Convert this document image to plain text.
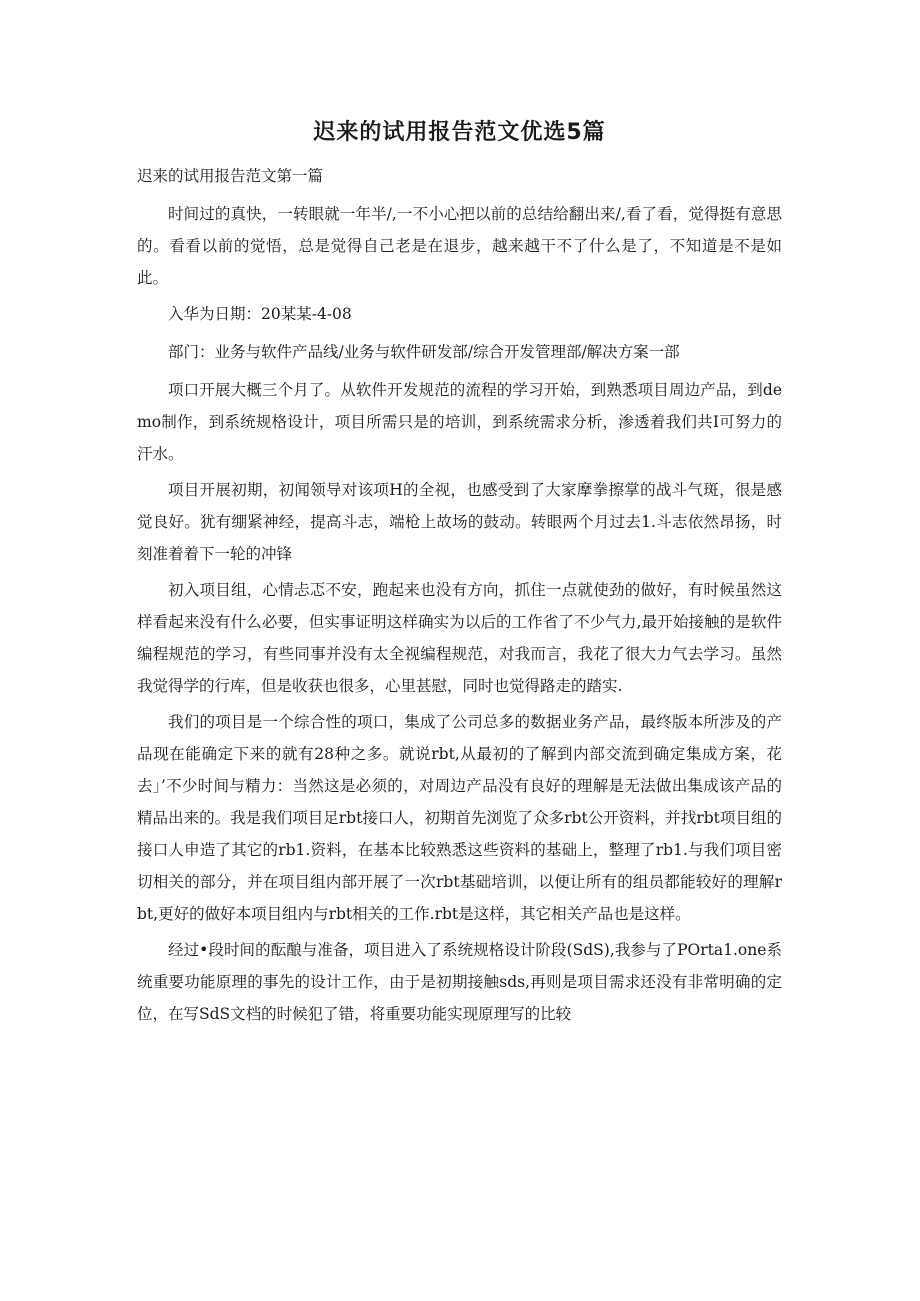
迟来的试用报告范文优选5篇
迟来的试用报告范文第一篇

时间过的真快，一转眼就一年半/,一不小心把以前的总结给翻出来/,看了看，觉得挺有意思的。看看以前的觉悟，总是觉得自己老是在退步，越来越干不了什么是了，不知道是不是如此。

入华为日期：20某某-4-08

部门：业务与软件产品线/业务与软件研发部/综合开发管理部/解决方案一部

项口开展大概三个月了。从软件开发规范的流程的学习开始，到熟悉项目周边产品，到demo制作，到系统规格设计，项目所需只是的培训，到系统需求分析，渗透着我们共I可努力的汗水。

项目开展初期，初闻领导对该项H的全视，也感受到了大家摩拳擦掌的战斗气斑，很是感觉良好。犹有绷紧神经，提高斗志，端枪上故场的鼓动。转眼两个月过去1.斗志依然昂扬，时刻准着着下一轮的冲锋

初入项目组，心情忐忑不安，跑起来也没有方向，抓住一点就使劲的做好，有时候虽然这样看起来没有什么必要，但实事证明这样确实为以后的工作省了不少气力,最开始接触的是软件编程规范的学习，有些同事并没有太全视编程规范，对我而言，我花了很大力气去学习。虽然我觉得学的行库，但是收获也很多，心里甚慰，同时也觉得路走的踏实.

我们的项目是一个综合性的项口，集成了公司总多的数据业务产品，最终版本所涉及的产品现在能确定下来的就有28种之多。就说rbt,从最初的了解到内部交流到确定集成方案，花去」’不少时间与精力：当然这是必须的，对周边产品没有良好的理解是无法做出集成该产品的精品出来的。我是我们项目足rbt接口人，初期首先浏览了众多rbt公开资料，并找rbt项目组的接口人申造了其它的rb1.资料，在基本比较熟悉这些资料的基础上，整理了rb1.与我们项目密切相关的部分，并在项目组内部开展了一次rbt基础培训，以便让所有的组员都能较好的理解rbt,更好的做好本项目组内与rbt相关的工作.rbt是这样，其它相关产品也是这样。

经过•段时间的酝酿与准备，项目进入了系统规格设计阶段(SdS),我参与了POrta1.one系统重要功能原理的事先的设计工作，由于是初期接触sds,再则是项目需求还没有非常明确的定位，在写SdS文档的时候犯了错，将重要功能实现原理写的比较
